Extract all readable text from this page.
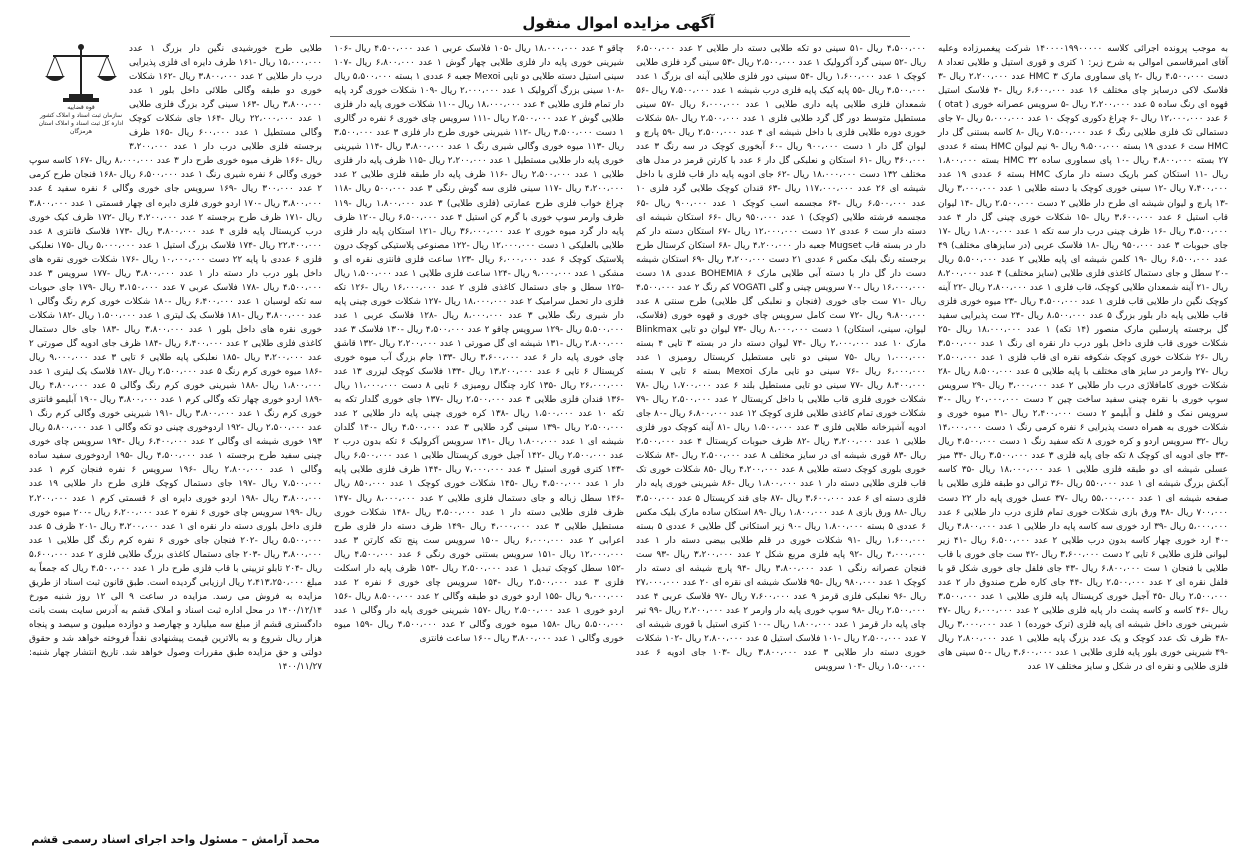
آگهی مزایده اموال منقول

به موجب پرونده اجرائی کلاسه ۱۴۰۰۰۰۱۹۹۰۰۰۰۰ شرکت پیغمبرزاده وعلیه آقای امیرقاسمی اموالی به شرح زیر: ۱ کتری و قوری استیل و طلایی تعداد ۸ دست ۴،۵۰۰،۰۰۰ ریال -۲ پای سماوری مارک HMC ۳ عدد ۲،۲۰۰،۰۰۰ ریال -۳ فلاسک لاکی درسایز چای مختلف ۱۶ عدد ۶،۶۰۰،۰۰۰ ریال -۴ فلاسک استیل قهوه ای رنگ ساده ۵ عدد ۲،۲۰۰،۰۰۰ ریال -۵ سرویس عصرانه خوری ( otat ) ۶ عدد ۱۲،۰۰۰،۰۰۰ ریال -۶ چراغ دکوری کوچک ۱۰ عدد ۵،۰۰۰،۰۰۰ ریال -۷ جای دستمالی تک فلزی طلایی رنگ ۶ عدد ۷،۵۰۰،۰۰۰ ریال -۸ کاسه بستنی گل دار HMC ست ۶ عددی ۱۹ بسته ۹،۵۰۰،۰۰۰ ریال -۹ نیم لیوان HMC بسته ۶ عددی ۲۷ بسته ۴،۸۰۰،۰۰۰ ریال -۱۰ پای سماوری ساده HMC ۳۲ بسته ۱،۸۰۰،۰۰۰ ریال -۱۱ استکان کمر باریک دسته دار مارک HMC بسته ۶ عددی ۱۹ عدد ۷،۴۰۰،۰۰۰ ریال -۱۲ سینی خوری کوچک با دسته طلایی ۱ عدد ۳،۰۰۰،۰۰۰ ریال -۱۳ پارچ و لیوان شیشه ای طرح دار طلایی ۲ دست ۲،۵۰۰،۰۰۰ ریال -۱۴ لیوان قاب استیل ۶ عدد ۳،۶۰۰،۰۰۰ ریال -۱۵ شکلات خوری چینی گل دار ۴ عدد ۳،۵۰۰،۰۰۰ ریال -۱۶ ظرف چینی درب دار سه تکه ۱ عدد ۱،۸۰۰،۰۰۰ ریال -۱۷ جای حبوبات ۳ عدد ۹۵۰،۰۰۰ ریال -۱۸ فلاسک عربی (در سایزهای مختلف) ۴۹ عدد ۶،۵۰۰،۰۰۰ ریال -۱۹ کلمن شیشه ای پایه طلایی ۲ عدد ۵،۵۰۰،۰۰۰ ریال -۲۰ سطل و جای دستمال کاغذی فلزی طلایی (سایز مختلف) ۴ عدد ۸،۲۰۰،۰۰۰ ریال -۲۱ آینه شمعدان طلایی کوچک، قاب فلزی ۱ عدد ۲،۸۰۰،۰۰۰ ریال -۲۲ آینه کوچک نگین دار طلایی قاب فلزی ۱ عدد ۴،۵۰۰،۰۰۰ ریال -۲۳ میوه خوری فلزی قاب طلایی پایه دار بلور بزرگ ۵ عدد ۸،۵۰۰،۰۰۰ ریال -۲۴ ست پذیرایی سفید گل برجسته پارسلین مارک منصور (۱۴ تکه) ۱ عدد ۱۸،۰۰۰،۰۰۰ ریال -۲۵ شکلات خوری قاب فلزی داخل بلور درب دار نقره ای رنگ ۱ عدد ۳،۵۰۰،۰۰۰ ریال -۲۶ شکلات خوری کوچک شکوفه نقره ای قاب فلزی ۱ عدد ۲،۵۰۰،۰۰۰ ریال -۲۷ وارمر در سایز های مختلف با پایه طلایی ۵ عدد ۸،۵۰۰،۰۰۰ ریال -۲۸ شکلات خوری کامافلاژی درب دار طلایی ۲ عدد ۳،۰۰۰،۰۰۰ ریال -۲۹ سرویس سوپ خوری با نقره چینی سفید ساخت چین ۲ دست ۲۰،۰۰۰،۰۰۰ ریال -۳۰ سرویس نمک و فلفل و آبلیمو ۲ دست ۲،۴۰۰،۰۰۰ ریال -۳۱ میوه خوری و شکلات خوری به همراه دست پذیرایی ۶ نفره کرمی رنگ ۱ دست ۱۴،۰۰۰،۰۰۰ ریال -۳۲ سرویس اردو و کره خوری ۸ تکه سفید رنگ ۱ دست ۴،۵۰۰،۰۰۰ ریال -۳۳ جای ادویه ای کوچک ۸ تکه جای پایه فلزی ۳ عدد ۳،۵۰۰،۰۰۰ ریال -۳۴ میز عسلی شیشه ای دو طبقه فلزی طلایی ۱ عدد ۱۸،۰۰۰،۰۰۰ ریال -۳۵ کاسه آبکش بزرگ شیشه ای ۱ عدد ۵۵۰،۰۰۰ ریال -۳۶ ترالی دو طبقه فلزی طلایی با صفحه شیشه ای ۱ عدد ۵۵،۰۰۰،۰۰۰ ریال -۳۷ عسل خوری پایه دار ۲۲ دست ۷۰۰،۰۰۰ ریال -۳۸ ورق بازی شکلات خوری تمام فلزی درب دار طلایی ۶ عدد ۵،۰۰۰،۰۰۰ ریال -۳۹ ارد خوری سه کاسه پایه دار طلایی ۱ عدد ۴،۸۰۰،۰۰۰ ریال -۴۰ ارد خوری چهار کاسه بدون درب طلایی ۲ عدد ۶،۵۰۰،۰۰۰ ریال -۴۱ زیر لیوانی فلزی طلایی ۶ تایی ۲ دست ۳،۶۰۰،۰۰۰ ریال -۴۲ ست جای خوری با قاب طلایی با فنجان ۱ ست ۶،۸۰۰،۰۰۰ ریال -۴۳ جای فلفل جای خوری شکل قو با فلفل نقره ای ۲ عدد ۲،۵۰۰،۰۰۰ ریال -۴۴ جای کاره طرح صندوق دار ۲ عدد ۲،۵۰۰،۰۰۰ ریال -۴۵ آجیل خوری کریستال پایه فلزی طلایی ۱ عدد ۳،۵۰۰،۰۰۰ ریال -۴۶ کاسه و کاسه پشت دار پایه فلزی طلایی ۲ عدد ۶،۰۰۰،۰۰۰ ریال -۴۷ شیرینی خوری داخل شیشه ای پایه فلزی (ترک خورده) ۱ عدد ۳،۰۰۰،۰۰۰ ریال -۴۸ ظرف تک عدد کوچک و یک عدد بزرگ پایه طلایی ۱ عدد ۲،۸۰۰،۰۰۰ ریال -۴۹ شیرینی خوری بلور پایه فلزی طلایی ۱ عدد ۴،۶۰۰،۰۰۰ ریال -۵۰ سینی های فلزی طلایی و نقره ای در شکل و سایز مختلف ۱۷ عدد

۴،۵۰۰،۰۰۰ ریال -۵۱ سینی دو تکه طلایی دسته دار طلایی ۲ عدد ۶،۵۰۰،۰۰۰ ریال -۵۲ سینی گرد آکرولیک ۱ عدد ۲،۵۰۰،۰۰۰ ریال -۵۳ سینی گرد فلزی طلایی کوچک ۱ عدد ۱،۶۰۰،۰۰۰ ریال -۵۴ سینی دور فلزی طلایی آینه ای بزرگ ۱ عدد ۴،۵۰۰،۰۰۰ ریال -۵۵ پایه کیک پایه فلزی درب شیشه ۱ عدد ۷،۵۰۰،۰۰۰ ریال -۵۶ شمعدان فلزی طلایی پایه داری طلایی ۱ عدد ۶،۰۰۰،۰۰۰ ریال -۵۷ سینی مستطیل متوسط دور گل گرد طلایی فلزی ۱ عدد ۲،۵۰۰،۰۰۰ ریال -۵۸ شکلات خوری دوره طلایی فلزی با داخل شیشه ای ۴ عدد ۲،۵۰۰،۰۰۰ ریال -۵۹ پارچ و لیوان گل دار ۱ دست ۹۰۰،۰۰۰ ریال -۶۰ آبخوری کوچک در سه رنگ ۳ عدد ۳۶۰،۰۰۰ ریال -۶۱ استکان و نعلبکی گل دار ۶ عدد با کارتن قرمز در مدل های مختلف ۱۳۲ دست ۱۸،۰۰۰،۰۰۰ ریال -۶۲ جای ادویه پایه دار قاب فلزی با داخل شیشه ای ۲۶ عدد ۱۱۷،۰۰۰،۰۰۰ ریال -۶۳ قندان کوچک طلایی گرد فلزی ۱۰ عدد ۶،۵۰۰،۰۰۰ ریال -۶۴ مجسمه اسب کوچک ۱ عدد ۹۰۰،۰۰۰ ریال -۶۵ مجسمه فرشته طلایی (کوچک) ۱ عدد ۹۵۰،۰۰۰ ریال -۶۶ استکان شیشه ای دسته دار ست ۶ عددی ۱۲ دست ۱۲،۰۰۰،۰۰۰ ریال -۶۷ استکان دسته دار کم دار در بسته قاب Mugset جعبه دار ۴،۲۰۰،۰۰۰ ریال -۶۸ استکان کرستال طرح برجسته رنگ بلیک مکس ۶ عددی ۲۱ دست ۳،۲۰۰،۰۰۰ ریال -۶۹ استکان شیشه دست دار گل دار با دسته آبی طلایی مارک BOHEMIA ۶ عددی ۱۸ دست ۱۶،۰۰۰،۰۰۰ ریال -۷۰ سرویس چینی و گلی VOGATI کم رنگ ۲ عدد ۴،۵۰۰،۰۰۰ ریال -۷۱ ست جای خوری (فنجان و نعلبکی گل طلایی) طرح سنتی ۸ عدد ۹،۸۰۰،۰۰۰ ریال -۷۲ ست کامل سرویس چای خوری و قهوه خوری (فلاسک، لیوان، سینی، استکان) ۱ دست ۸،۰۰۰،۰۰۰ ریال -۷۳ لیوان دو تایی Blinkmax مارک ۱۰ عدد ۲،۰۰۰،۰۰۰ ریال -۷۴ لیوان دسته دار در بسته ۳ تایی ۴ بسته ۱،۰۰۰،۰۰۰ ریال -۷۵ سینی دو تایی مستطیل کریستال رومیزی ۱ عدد ۶،۰۰۰،۰۰۰ ریال -۷۶ سینی دو تایی مارک Mexoi بسته ۶ تایی ۷ بسته ۸،۴۰۰،۰۰۰ ریال -۷۷ سینی دو تایی مستطیل بلند ۶ عدد ۱،۷۰۰،۰۰۰ ریال -۷۸ شکلات خوری فلزی قاب طلایی با داخل کریستال ۲ عدد ۲،۵۰۰،۰۰۰ ریال -۷۹ شکلات خوری تمام کاغذی طلایی فلزی کوچک ۱۲ عدد ۶،۸۰۰،۰۰۰ ریال -۸۰ جای ادویه آشپزخانه طلایی فلزی ۳ عدد ۱،۵۰۰،۰۰۰ ریال -۸۱ آینه کوچک دور فلزی طلایی ۱ عدد ۳،۲۰۰،۰۰۰ ریال -۸۲ ظرف حبوبات کریستال ۴ عدد ۲،۵۰۰،۰۰۰ ریال -۸۳ قوری شیشه ای در سایز مختلف ۸ عدد ۲،۵۰۰،۰۰۰ ریال -۸۴ شکلات خوری بلوری کوچک دسته طلایی ۸ عدد ۴،۲۰۰،۰۰۰ ریال -۸۵ شکلات خوری تک قاب فلزی طلایی دسته دار ۱ عدد ۱،۸۰۰،۰۰۰ ریال -۸۶ شیرینی خوری پایه دار فلزی دسته ای ۶ عدد ۳،۶۰۰،۰۰۰ ریال -۸۷ جای قند کریستال ۵ عدد ۳،۵۰۰،۰۰۰ ریال -۸۸ ورق بازی ۸ عدد ۱،۸۰۰،۰۰۰ ریال -۸۹ استکان ساده مارک بلیک مکس ۶ عددی ۵ بسته ۱،۸۰۰،۰۰۰ ریال -۹۰ زیر استکانی گل طلایی ۶ عددی ۵ بسته ۱،۶۰۰،۰۰۰ ریال -۹۱ شکلات خوری در قلم طلایی بیضی دسته دار ۱ عدد ۴،۰۰۰،۰۰۰ ریال -۹۲ پایه فلزی مربع شکل ۲ عدد ۳،۲۰۰،۰۰۰ ریال -۹۳ ست فنجان عصرانه رنگی ۱ عدد ۳،۸۰۰،۰۰۰ ریال -۹۴ پارچ شیشه ای دسته دار کوچک ۱ عدد ۹۸۰،۰۰۰ ریال -۹۵ فلاسک شیشه ای نقره ای ۲۰ عدد ۲۷،۰۰۰،۰۰۰ ریال -۹۶ نعلبکی فلزی قرمز ۹ عدد ۷،۶۰۰،۰۰۰ ریال -۹۷ فلاسک عربی ۴ عدد ۲،۵۰۰،۰۰۰ ریال -۹۸ سوپ خوری پایه دار وارمر ۲ عدد ۲،۲۰۰،۰۰۰ ریال -۹۹ تیر چای پایه دار قرمز ۱ عدد ۱،۸۰۰،۰۰۰ ریال -۱۰۰ کتری استیل با قوری شیشه ای ۷ عدد ۲،۵۰۰،۰۰۰ ریال -۱۰۱ فلاسک استیل ۵ عدد ۲،۸۰۰،۰۰۰ ریال -۱۰۲ شکلات خوری دسته دار طلایی ۳ عدد ۳،۸۰۰،۰۰۰ ریال -۱۰۳ جای ادویه ۶ عدد ۱،۵۰۰،۰۰۰ ریال -۱۰۴ سرویس

چاقو ۴ عدد ۱۸،۰۰۰،۰۰۰ ریال -۱۰۵ فلاسک عربی ۱ عدد ۴،۵۰۰،۰۰۰ ریال -۱۰۶ شیرینی خوری پایه دار فلزی طلایی چهار گوش ۱ عدد ۶،۸۰۰،۰۰۰ ریال -۱۰۷ سینی استیل دسته طلایی دو تایی Mexoi جعبه ۶ عددی ۱ بسته ۵،۵۰۰،۰۰۰ ریال -۱۰۸ سینی بزرگ آکرولیک ۱ عدد ۲،۰۰۰،۰۰۰ ریال -۱۰۹ شکلات خوری گرد پایه دار تمام فلزی طلایی ۴ عدد ۱۸،۰۰۰،۰۰۰ ریال -۱۱۰ شکلات خوری پایه دار فلزی طلایی گوش ۲ عدد ۲،۵۰۰،۰۰۰ ریال -۱۱۱ سرویس چای خوری ۶ نفره در گالری ۱ دست ۴،۵۰۰،۰۰۰ ریال -۱۱۲ شیرینی خوری طرح دار فلزی ۳ عدد ۳،۵۰۰،۰۰۰ ریال -۱۱۳ میوه خوری وگالی شیری رنگ ۱ عدد ۳،۸۰۰،۰۰۰ ریال -۱۱۴ شیرینی خوری پایه دار طلایی مستطیل ۱ عدد ۲،۲۰۰،۰۰۰ ریال -۱۱۵ ظرف پایه دار فلزی طلایی ۱ عدد ۲،۵۰۰،۰۰۰ ریال -۱۱۶ ظرف پایه دار طبقه فلزی طلایی ۲ عدد ۴،۲۰۰،۰۰۰ ریال -۱۱۷ سینی فلزی سه گوش رنگی ۳ عدد ۵۰۰،۰۰۰ ریال -۱۱۸ چراغ خواب فلزی طرح عمارتی (فلزی طلایی) ۳ عدد ۱،۸۰۰،۰۰۰ ریال -۱۱۹ ظرف وارمر سوپ خوری با گرم کن استیل ۴ عدد ۶،۵۰۰،۰۰۰ ریال -۱۲۰ ظرف پایه دار گرد میوه خوری ۲ عدد ۳۶،۰۰۰،۰۰۰ ریال -۱۲۱ استکان پایه دار فلزی طلایی بالعلیکی ۱ دست ۱۲،۰۰۰،۰۰۰ ریال -۱۲۲ مصنوعی پلاستیکی کوچک درون پلاستیک کوچک ۶ عدد ۶،۰۰۰،۰۰۰ ریال -۱۲۳ ساعت فلزی فانتزی نقره ای و مشکی ۱ عدد ۹،۰۰۰،۰۰۰ ریال -۱۲۴ ساعت فلزی طلایی ۱ عدد ۱،۵۰۰،۰۰۰ ریال -۱۲۵ سطل و جای دستمال کاغذی فلزی ۲ عدد ۱۶،۰۰۰،۰۰۰ ریال -۱۲۶ تکه فلزی دار تحمل سرامیک ۲ عدد ۱۸،۰۰۰،۰۰۰ ریال -۱۲۷ شکلات خوری چینی پایه دار شیری رنگ طلایی ۳ عدد ۸،۰۰۰،۰۰۰ ریال -۱۲۸ فلاسک عربی ۱ عدد ۵،۵۰۰،۰۰۰ ریال -۱۲۹ سرویس چاقو ۲ عدد ۴،۵۰۰،۰۰۰ ریال -۱۳۰ فلاسک ۳ عدد ۲،۸۰۰،۰۰۰ ریال -۱۳۱ شیشه ای گل صورتی ۱ عدد ۲،۲۰۰،۰۰۰ ریال -۱۳۲ قاشق چای خوری پایه دار ۶ عدد ۳،۶۰۰،۰۰۰ ریال -۱۳۳ جام بزرگ آب میوه خوری کریستال ۶ تایی ۶ عدد ۱۳،۲۰۰،۰۰۰ ریال -۱۳۴ فلاسک کوچک لیزری ۱۳ عدد ۲۶،۰۰۰،۰۰۰ ریال -۱۳۵ کارد چنگال رومیزی ۶ تایی ۸ دست ۱۱،۰۰۰،۰۰۰ ریال -۱۳۶ قندان فلزی طلایی ۴ عدد ۲،۵۰۰،۰۰۰ ریال -۱۳۷ جای خوری گلدار تکه به تکه ۱۰ عدد ۱،۵۰۰،۰۰۰ ریال -۱۳۸ کره خوری چینی پایه دار طلایی ۲ عدد ۲،۵۰۰،۰۰۰ ریال -۱۳۹ سینی گرد طلایی ۳ عدد ۴،۵۰۰،۰۰۰ ریال -۱۴۰ گلدان شیشه ای ۱ عدد ۱،۸۰۰،۰۰۰ ریال -۱۴۱ سرویس آکرولیک ۶ تکه بدون درب ۲ عدد ۲،۵۰۰،۰۰۰ ریال -۱۴۲ آجیل خوری کریستال طلایی ۱ عدد ۶،۵۰۰،۰۰۰ ریال -۱۴۳ کتری قوری استیل ۴ عدد ۷،۰۰۰،۰۰۰ ریال -۱۴۴ ظرف فلزی طلایی پایه دار ۱ عدد ۴،۵۰۰،۰۰۰ ریال -۱۴۵ شکلات خوری کوچک ۱ عدد ۸۵۰،۰۰۰ ریال -۱۴۶ سطل زباله و جای دستمال فلزی طلایی ۲ عدد ۸،۰۰۰،۰۰۰ ریال -۱۴۷ ظرف فلزی طلایی دسته دار ۱ عدد ۳،۵۰۰،۰۰۰ ریال -۱۴۸ شکلات خوری مستطیل طلایی ۳ عدد ۴،۰۰۰،۰۰۰ ریال -۱۴۹ ظرف دسته دار فلزی طرح اعرابی ۲ عدد ۶،۰۰۰،۰۰۰ ریال -۱۵۰ سرویس ست پنج تکه کارتن ۳ عدد ۱۲،۰۰۰،۰۰۰ ریال -۱۵۱ سرویس بستنی خوری رنگی ۶ عدد ۴،۵۰۰،۰۰۰ ریال -۱۵۲ سطل کوچک تبدیل ۱ عدد ۲،۵۰۰،۰۰۰ ریال -۱۵۳ ظرف پایه دار اسکلت فلزی ۳ عدد ۲،۵۰۰،۰۰۰ ریال -۱۵۴ سرویس چای خوری ۶ نفره ۲ عدد ۹،۰۰۰،۰۰۰ ریال -۱۵۵ اردو خوری دو طبقه وگالی ۲ عدد ۸،۵۰۰،۰۰۰ ریال -۱۵۶ اردو خوری ۱ عدد ۲،۵۰۰،۰۰۰ ریال -۱۵۷ شیرینی خوری پایه دار وگالی ۱ عدد ۵،۵۰۰،۰۰۰ ریال -۱۵۸ میوه خوری وگالی ۲ عدد ۴،۵۰۰،۰۰۰ ریال -۱۵۹ میوه خوری وگالی ۱ عدد ۳،۸۰۰،۰۰۰ ریال -۱۶۰ ساعت فانتزی

قوه قضاییه
سازمان ثبت اسناد و املاک کشور
اداره کل ثبت اسناد و املاک استان هرمزگان

طلایی طرح خورشیدی نگین دار بزرگ ۱ عدد ۱۵،۰۰۰،۰۰۰ ریال -۱۶۱ ظرف دایره ای فلزی پذیرایی درب دار طلایی ۲ عدد ۳،۸۰۰،۰۰۰ ریال -۱۶۲ شکلات خوری دو طبقه وگالی طلائی داخل بلور ۱ عدد ۳،۸۰۰،۰۰۰ ریال -۱۶۳ سینی گرد بزرگ فلزی طلایی ۱ عدد ۲۲،۰۰۰،۰۰۰ ریال -۱۶۴ جای شکلات کوچک وگالی مستطیل ۱ عدد ۶۰۰،۰۰۰ ریال -۱۶۵ ظرف برجسته فلزی طلایی درب دار ۱ عدد ۳،۲۰۰،۰۰۰ ریال -۱۶۶ ظرف میوه خوری طرح دار ۳ عدد ۸،۰۰۰،۰۰۰ ریال -۱۶۷ کاسه سوپ خوری وگالی ۶ نفره شیری رنگ ۱ عدد ۶،۵۰۰،۰۰۰ ریال -۱۶۸ فنجان طرح کرمی ۲ عدد ۳۰۰،۰۰۰ ریال -۱۶۹ سرویس جای خوری وگالی ۶ نفره سفید ٤ عدد ۳،۸۰۰،۰۰۰ ریال -۱۷۰ اردو خوری فلزی دایره ای چهار قسمتی ۱ عدد ۳،۸۰۰،۰۰۰ ریال -۱۷۱ ظرف طرح برجسته ۲ عدد ۴،۲۰۰،۰۰۰ ریال -۱۷۲ ظرف کیک خوری درب کریستال پایه فلزی ۴ عدد ۳،۸۰۰،۰۰۰ ریال -۱۷۳ فلاسک فانتزی ۸ عدد ۲۲،۴۰۰،۰۰۰ ریال -۱۷۴ فلاسک بزرگ استیل ۱ عدد ۵،۰۰۰،۰۰۰ ریال -۱۷۵ نعلبکی فلزی ۶ عددی با پایه ۲۲ دست ۱۰،۰۰۰،۰۰۰ ریال -۱۷۶ شکلات خوری نقره های داخل بلور درب دار دسته دار ۱ عدد ۳،۸۰۰،۰۰۰ ریال -۱۷۷ سرویس ۳ عدد ۴،۵۰۰،۰۰۰ ریال -۱۷۸ فلاسک عربی ۷ عدد ۳،۱۵۰،۰۰۰ ریال -۱۷۹ جای حبوبات سه تکه لوسبان ۱ عدد ۶،۴۰۰،۰۰۰ ریال -۱۸۰ شکلات خوری کرم رنگ وگالی ۱ عدد ۳،۸۰۰،۰۰۰ ریال -۱۸۱ فلاسک یک لیتری ۱ عدد ۱،۵۰۰،۰۰۰ ریال -۱۸۲ شکلات خوری نقره های داخل بلور ۱ عدد ۳،۸۰۰،۰۰۰ ریال -۱۸۳ جای خال دستمال کاغذی فلزی طلایی ۲ عدد ۶،۴۰۰،۰۰۰ ریال -۱۸۴ ظرف جای ادویه گل صورتی ۲ عدد ۳،۲۰۰،۰۰۰ ریال -۱۸۵ نعلبکی پایه طلایی ۶ تایی ۳ عدد ۹،۰۰۰،۰۰۰ ریال -۱۸۶ میوه خوری کرم رنگ ۵ عدد ۲،۵۰۰،۰۰۰ ریال -۱۸۷ فلاسک یک لیتری ۱ عدد ۱،۸۰۰،۰۰۰ ریال -۱۸۸ شیرینی خوری کرم رنگ وگالی ۵ عدد ۴،۸۰۰،۰۰۰ ریال -۱۸۹ اردو خوری چهار تکه وگالی کرم ۱ عدد ۳،۸۰۰،۰۰۰ ریال -۱۹۰ آبلیمو فانتزی خوری کرم رنگ ۱ عدد ۳،۸۰۰،۰۰۰ ریال -۱۹۱ شیرینی خوری وگالی کرم رنگ ۱ عدد ۲،۵۰۰،۰۰۰ ریال -۱۹۲ اردوخوری چینی دو تکه وگالی ۱ عدد ۵،۸۰۰،۰۰۰ ریال ۱۹۳ خوری شیشه ای وگالی ۲ عدد ۶،۴۰۰،۰۰۰ ریال -۱۹۴ سرویس چای خوری چینی سفید طرح برجسته ۱ عدد ۴،۵۰۰،۰۰۰ ریال -۱۹۵ اردوخوری سفید ساده وگالی ۱ عدد ۲،۸۰۰،۰۰۰ ریال -۱۹۶ سرویس ۶ نفره فنجان کرم ۱ عدد ۷،۵۰۰،۰۰۰ ریال -۱۹۷ جای دستمال کوچک فلزی طرح دار طلایی ۱۹ عدد ۳،۸۰۰،۰۰۰ ریال -۱۹۸ اردو خوری دایره ای ۶ قسمتی کرم ۱ عدد ۲،۲۰۰،۰۰۰ ریال -۱۹۹ سرویس چای خوری ۶ نفره ۲ عدد ۶،۲۰۰،۰۰۰ ریال -۲۰۰ میوه خوری فلزی داخل بلوری دسته دار نقره ای ۱ عدد ۳،۲۰۰،۰۰۰ ریال -۲۰۱ ظرف ۵ عدد ۵،۵۰۰،۰۰۰ ریال -۲۰۲ فنجان جای خوری ۶ نفره کرم رنگ گل طلایی ۱ عدد ۳،۸۰۰،۰۰۰ ریال -۲۰۳ جای دستمال کاغذی بزرگ طلایی فلزی ۲ عدد ۵،۶۰۰،۰۰۰ ریال -۲۰۴ تابلو تزیینی با قاب فلزی طرح دار ۱ عدد ۴،۵۰۰،۰۰۰ ریال که جمعاً به مبلغ ۲،۴۱۳،۲۵۰،۰۰۰ ریال ارزیابی گردیده است. طبق قانون ثبت اسناد از طریق مزایده به فروش می رسد. مزایده در ساعت ۹ الی ۱۲ روز شنبه مورخ ۱۴۰۰/۱۲/۱۴ در محل اداره ثبت اسناد و املاک قشم به آدرس سایت بست بانت دادگستری قشم از مبلغ سه میلیارد و چهارصد و دوازده میلیون و سیصد و پنجاه هزار ریال شروع و به بالاترین قیمت پیشنهادی نقداً فروخته خواهد شد و حقوق دولتی و حق مزایده طبق مقررات وصول خواهد شد. تاریخ انتشار چهار شنبه: ۱۴۰۰/۱۱/۲۷

محمد آرامش – مسئول واحد اجرای اسناد رسمی قشم
